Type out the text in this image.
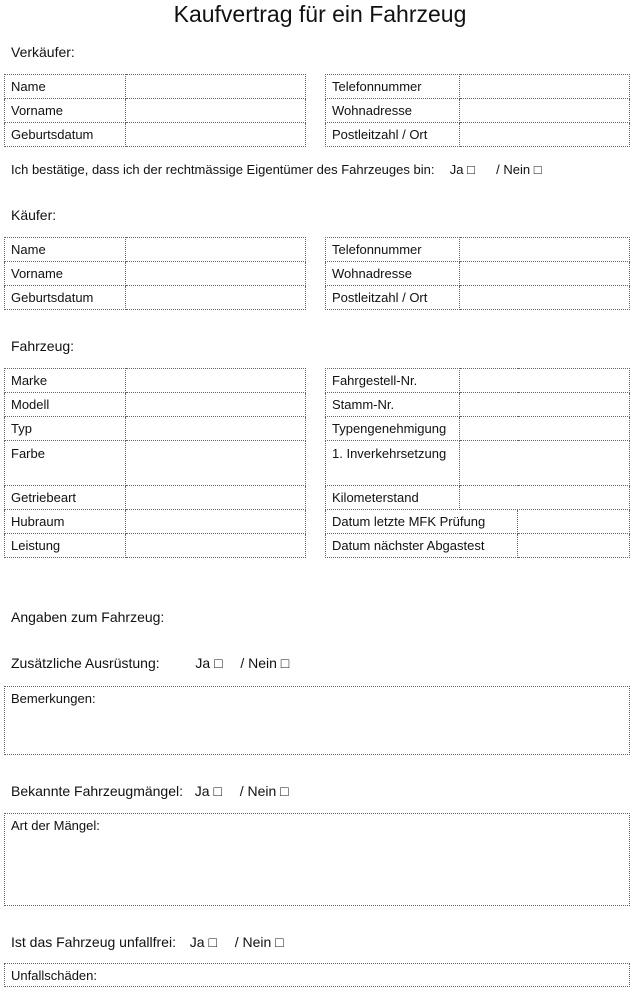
Kaufvertrag für ein Fahrzeug
Verkäufer:
Name	
Vorname	
Geburtsdatum	
Telefonnummer	
Wohnadresse	
Postleitzahl / Ort	
Ich bestätige, dass ich der rechtmässige Eigentümer des Fahrzeuges bin: Ja □ / Nein □
Käufer:
Name	
Vorname	
Geburtsdatum	
Telefonnummer	
Wohnadresse	
Postleitzahl / Ort	
Fahrzeug:
Marke	
Modell	
Typ	
Farbe	
Getriebeart	
Hubraum	
Leistung	
Fahrgestell-Nr.		
Stamm-Nr.		
Typengenehmigung		
1. Inverkehrsetzung		
Kilometerstand		
Datum letzte MFK Prüfung		
Datum nächster Abgastest		
Angaben zum Fahrzeug:
Zusätzliche Ausrüstung:	Ja □ / Nein □
Bemerkungen:
Bekannte Fahrzeugmängel: Ja □ / Nein □
Art der Mängel:
Ist das Fahrzeug unfallfrei: Ja □ / Nein □
Unfallschäden:
